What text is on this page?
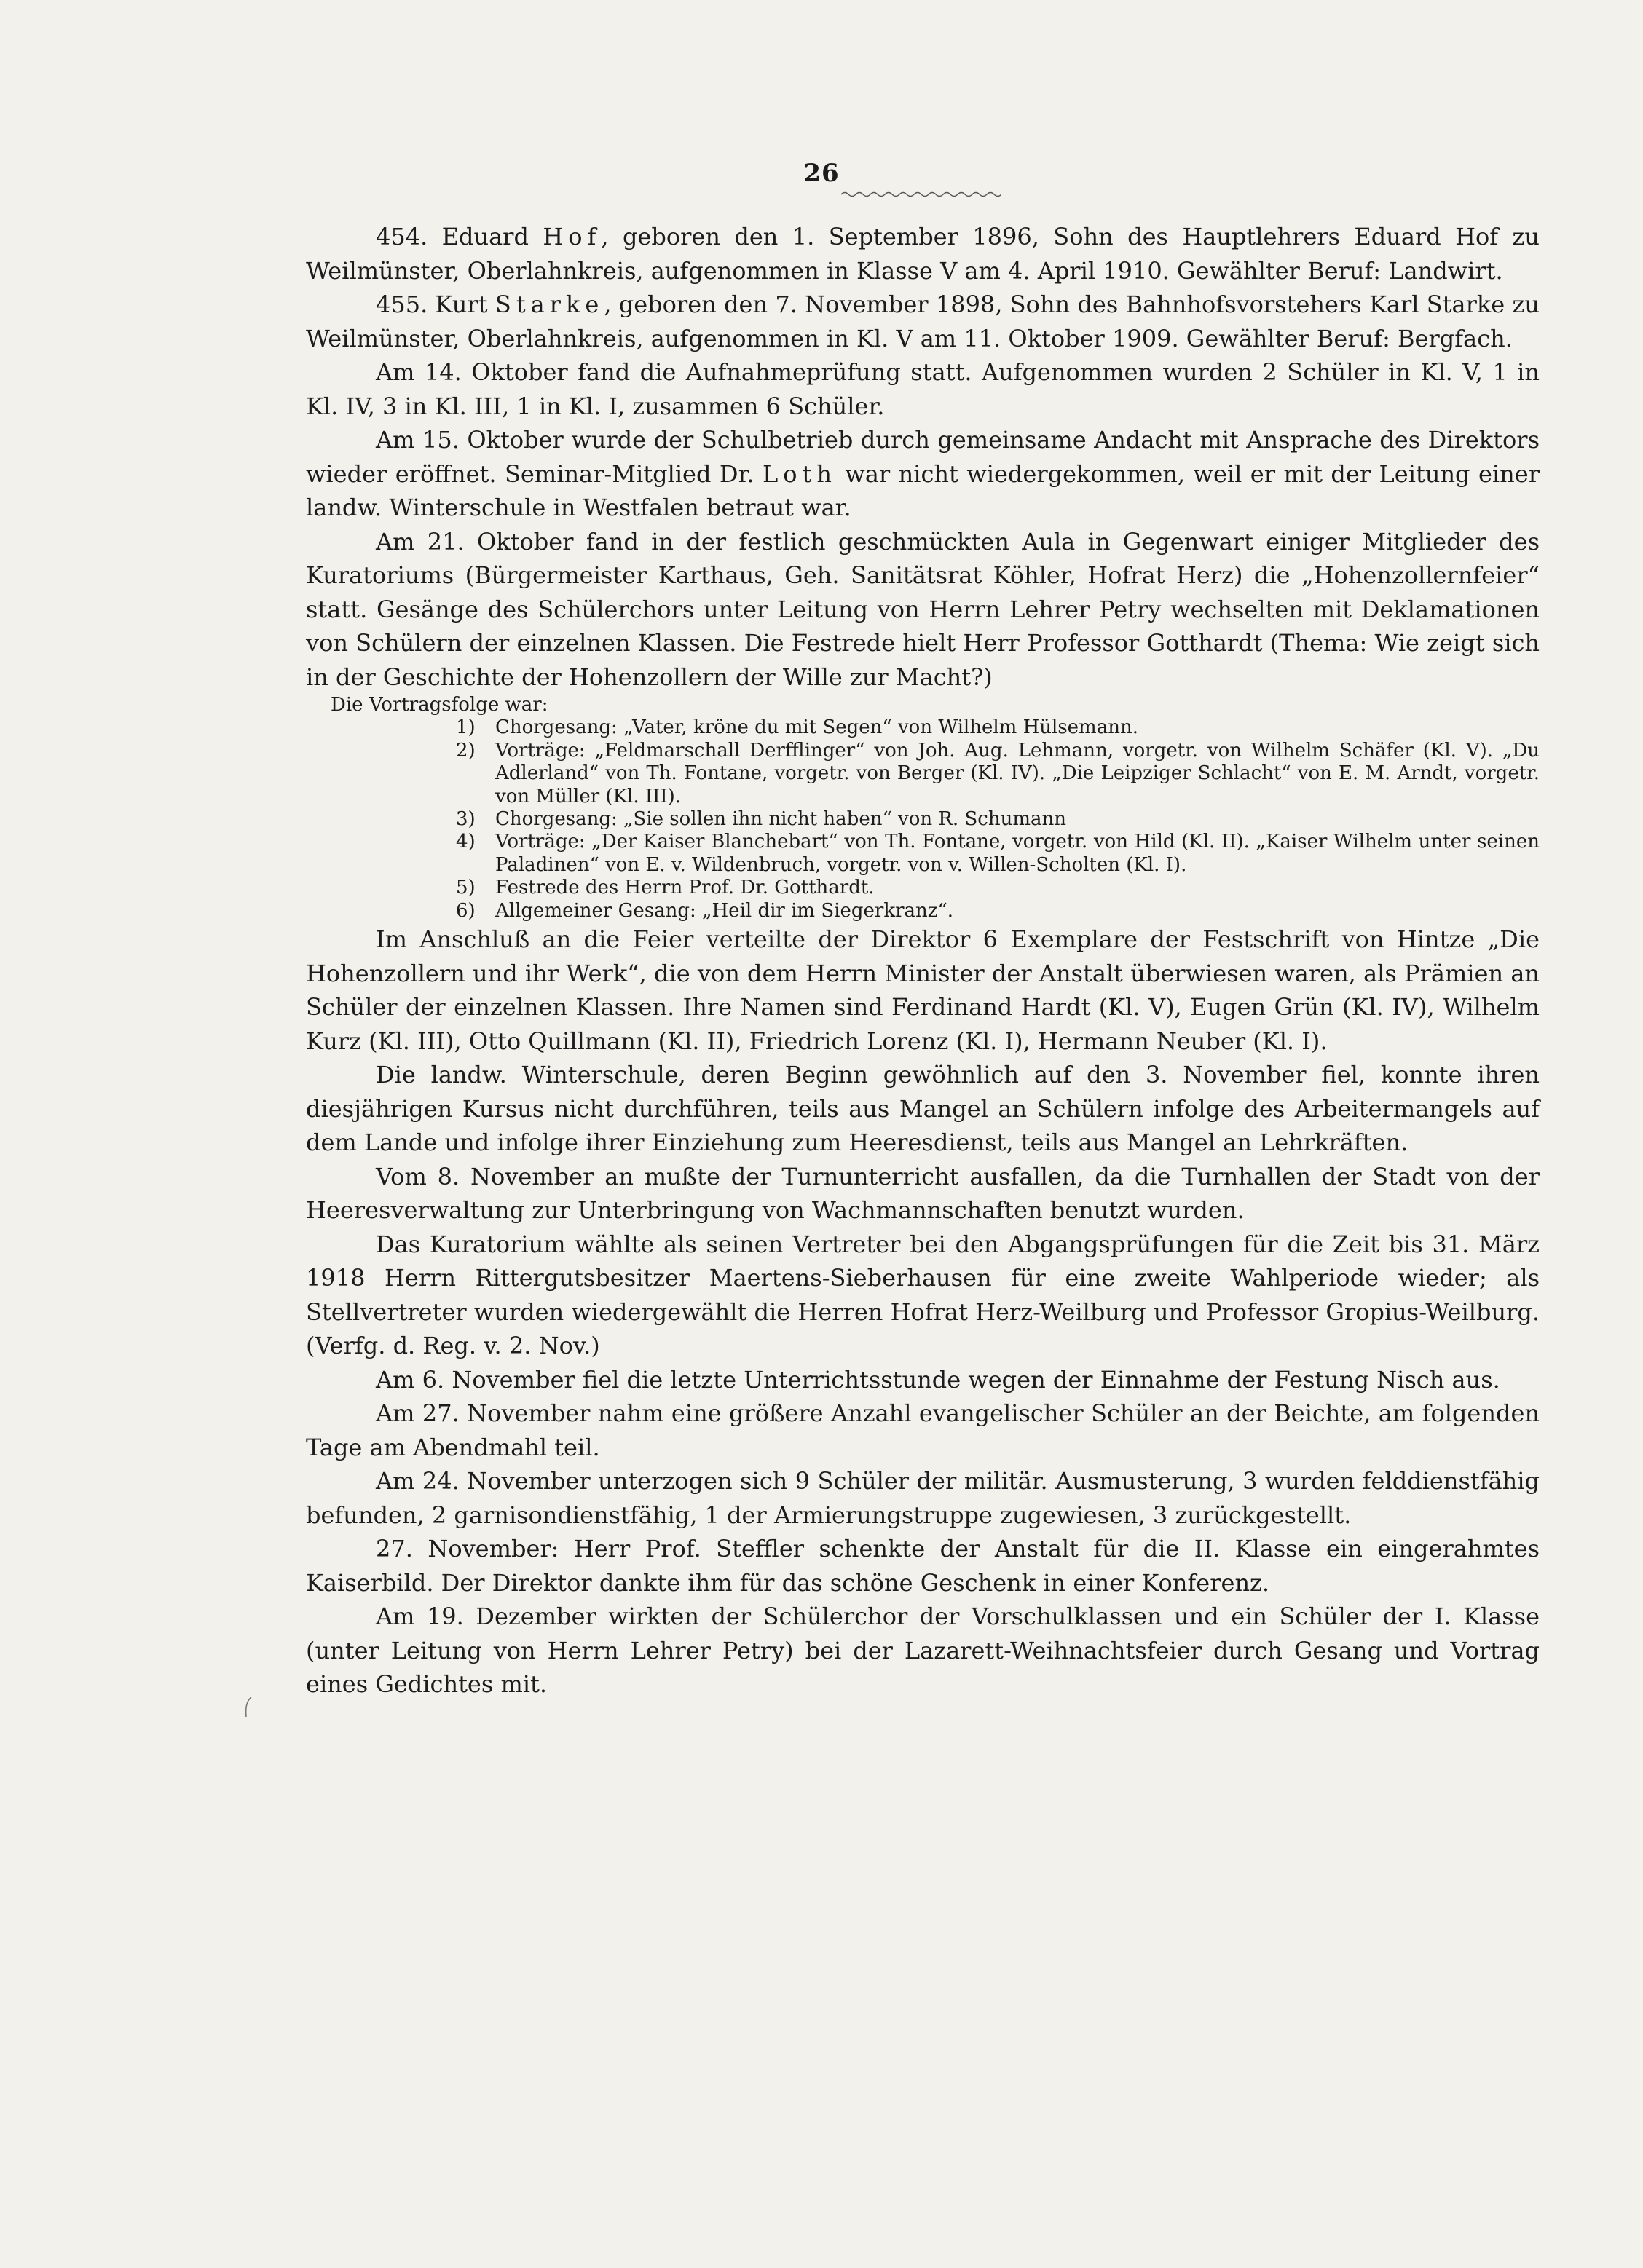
26

454. Eduard Hof, geboren den 1. September 1896, Sohn des Hauptlehrers Eduard Hof zu Weilmünster, Oberlahnkreis, aufgenommen in Klasse V am 4. April 1910. Gewählter Beruf: Landwirt.

455. Kurt Starke, geboren den 7. November 1898, Sohn des Bahnhofsvorstehers Karl Starke zu Weilmünster, Oberlahnkreis, aufgenommen in Kl. V am 11. Oktober 1909. Gewählter Beruf: Bergfach.

Am 14. Oktober fand die Aufnahmeprüfung statt. Aufgenommen wurden 2 Schüler in Kl. V, 1 in Kl. IV, 3 in Kl. III, 1 in Kl. I, zusammen 6 Schüler.

Am 15. Oktober wurde der Schulbetrieb durch gemeinsame Andacht mit Ansprache des Direktors wieder eröffnet. Seminar-Mitglied Dr. Loth war nicht wiedergekommen, weil er mit der Leitung einer landw. Winterschule in Westfalen betraut war.

Am 21. Oktober fand in der festlich geschmückten Aula in Gegenwart einiger Mitglieder des Kuratoriums (Bürgermeister Karthaus, Geh. Sanitätsrat Köhler, Hofrat Herz) die „Hohenzollernfeier“ statt. Gesänge des Schülerchors unter Leitung von Herrn Lehrer Petry wechselten mit Deklamationen von Schülern der einzelnen Klassen. Die Festrede hielt Herr Professor Gotthardt (Thema: Wie zeigt sich in der Geschichte der Hohenzollern der Wille zur Macht?)

Die Vortragsfolge war:

1) Chorgesang: „Vater, kröne du mit Segen“ von Wilhelm Hülsemann.
2) Vorträge: „Feldmarschall Derfflinger“ von Joh. Aug. Lehmann, vorgetr. von Wilhelm Schäfer (Kl. V). „Du Adlerland“ von Th. Fontane, vorgetr. von Berger (Kl. IV). „Die Leipziger Schlacht“ von E. M. Arndt, vorgetr. von Müller (Kl. III).
3) Chorgesang: „Sie sollen ihn nicht haben“ von R. Schumann
4) Vorträge: „Der Kaiser Blanchebart“ von Th. Fontane, vorgetr. von Hild (Kl. II). „Kaiser Wilhelm unter seinen Paladinen“ von E. v. Wildenbruch, vorgetr. von v. Willen-Scholten (Kl. I).
5) Festrede des Herrn Prof. Dr. Gotthardt.
6) Allgemeiner Gesang: „Heil dir im Siegerkranz“.

Im Anschluß an die Feier verteilte der Direktor 6 Exemplare der Festschrift von Hintze „Die Hohenzollern und ihr Werk“, die von dem Herrn Minister der Anstalt überwiesen waren, als Prämien an Schüler der einzelnen Klassen. Ihre Namen sind Ferdinand Hardt (Kl. V), Eugen Grün (Kl. IV), Wilhelm Kurz (Kl. III), Otto Quillmann (Kl. II), Friedrich Lorenz (Kl. I), Hermann Neuber (Kl. I).

Die landw. Winterschule, deren Beginn gewöhnlich auf den 3. November fiel, konnte ihren diesjährigen Kursus nicht durchführen, teils aus Mangel an Schülern infolge des Arbeitermangels auf dem Lande und infolge ihrer Einziehung zum Heeresdienst, teils aus Mangel an Lehrkräften.

Vom 8. November an mußte der Turnunterricht ausfallen, da die Turnhallen der Stadt von der Heeresverwaltung zur Unterbringung von Wachmannschaften benutzt wurden.

Das Kuratorium wählte als seinen Vertreter bei den Abgangsprüfungen für die Zeit bis 31. März 1918 Herrn Rittergutsbesitzer Maertens-Sieberhausen für eine zweite Wahlperiode wieder; als Stellvertreter wurden wiedergewählt die Herren Hofrat Herz-Weilburg und Professor Gropius-Weilburg. (Verfg. d. Reg. v. 2. Nov.)

Am 6. November fiel die letzte Unterrichtsstunde wegen der Einnahme der Festung Nisch aus.

Am 27. November nahm eine größere Anzahl evangelischer Schüler an der Beichte, am folgenden Tage am Abendmahl teil.

Am 24. November unterzogen sich 9 Schüler der militär. Ausmusterung, 3 wurden felddienstfähig befunden, 2 garnisondienstfähig, 1 der Armierungstruppe zugewiesen, 3 zurückgestellt.

27. November: Herr Prof. Steffler schenkte der Anstalt für die II. Klasse ein eingerahmtes Kaiserbild. Der Direktor dankte ihm für das schöne Geschenk in einer Konferenz.

Am 19. Dezember wirkten der Schülerchor der Vorschulklassen und ein Schüler der I. Klasse (unter Leitung von Herrn Lehrer Petry) bei der Lazarett-Weihnachtsfeier durch Gesang und Vortrag eines Gedichtes mit.
